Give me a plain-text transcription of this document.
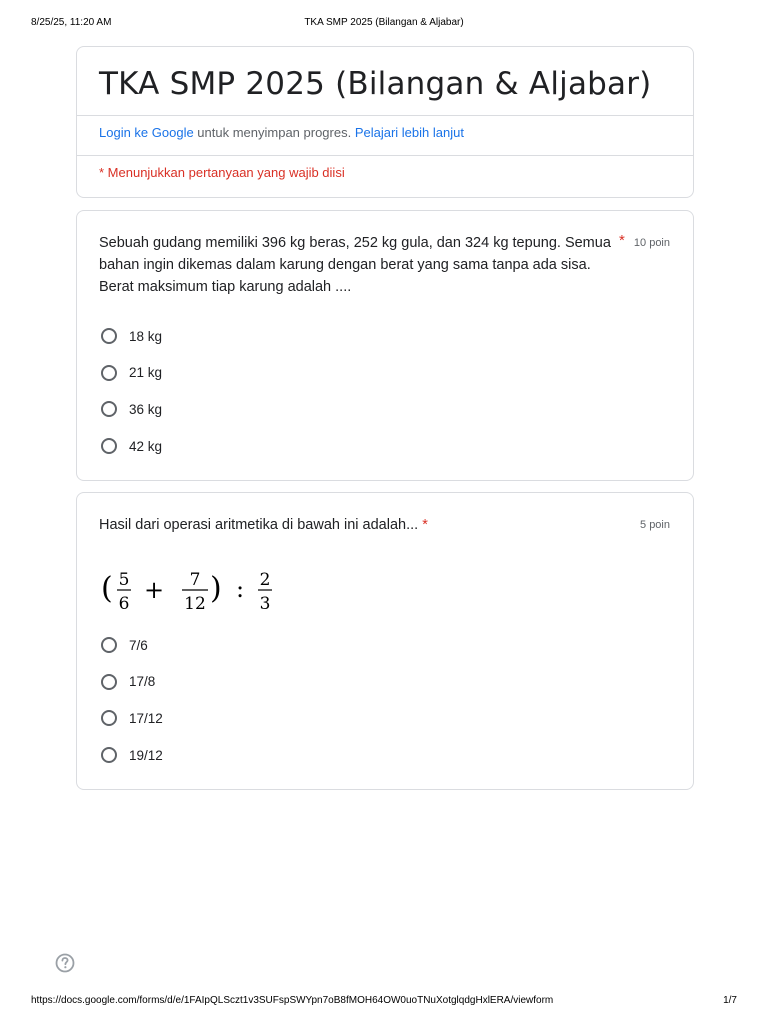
8/25/25, 11:20 AM	TKA SMP 2025 (Bilangan & Aljabar)
TKA SMP 2025 (Bilangan & Aljabar)
Login ke Google untuk menyimpan progres. Pelajari lebih lanjut
* Menunjukkan pertanyaan yang wajib diisi
Sebuah gudang memiliki 396 kg beras, 252 kg gula, dan 324 kg tepung. Semua bahan ingin dikemas dalam karung dengan berat yang sama tanpa ada sisa. Berat maksimum tiap karung adalah ....
* 10 poin
18 kg
21 kg
36 kg
42 kg
Hasil dari operasi aritmetika di bawah ini adalah... *	5 poin
( 5
6 + 7
12 ) : 2
3
7/6
17/8
17/12
19/12
https://docs.google.com/forms/d/e/1FAIpQLSczt1v3SUFspSWYpn7oB8fMOH64OW0uoTNuXotglqdgHxlERA/viewform	1/7
